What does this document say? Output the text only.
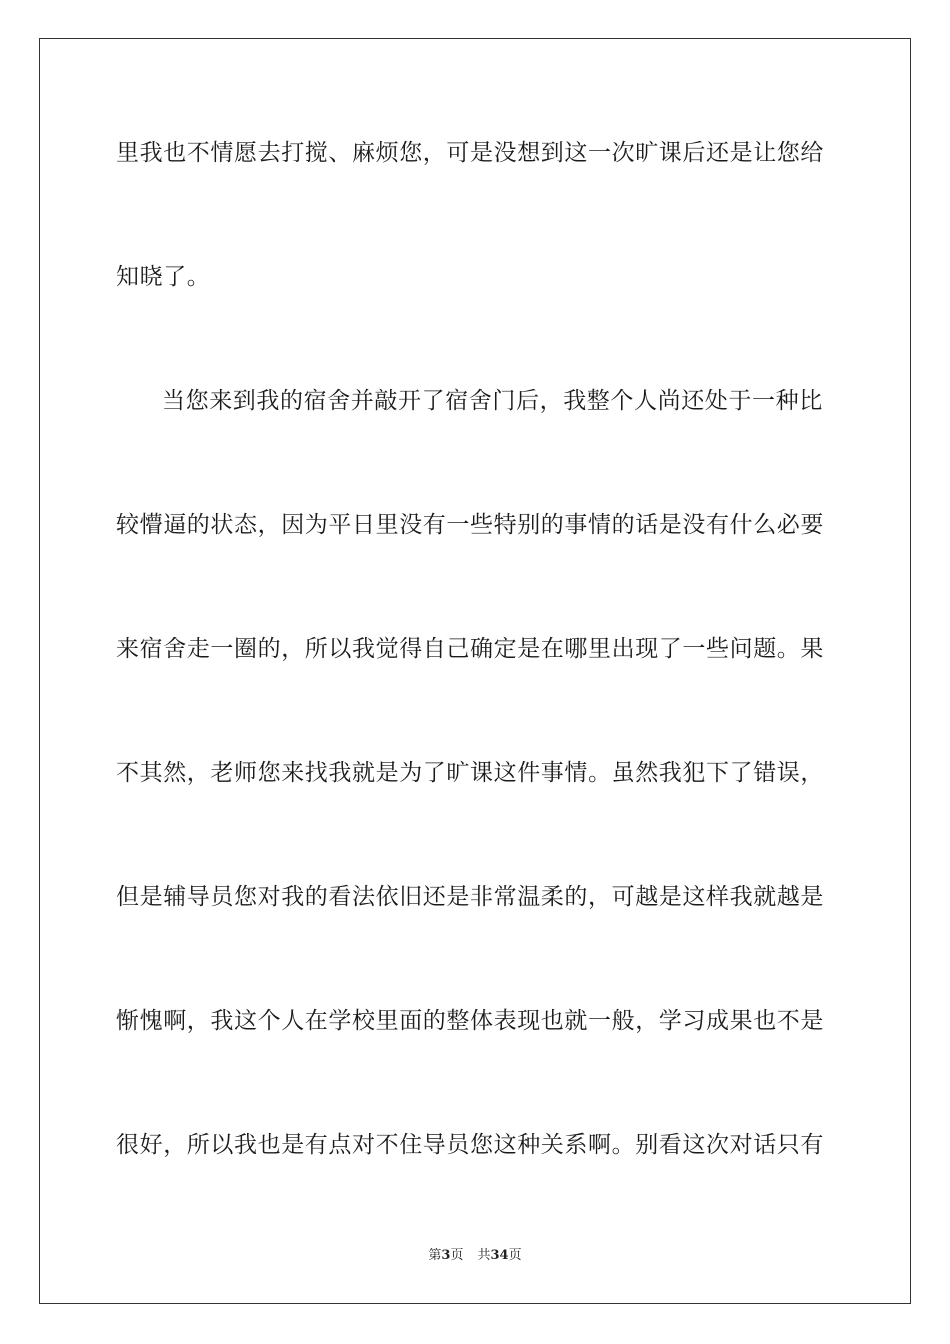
里我也不情愿去打搅、麻烦您，可是没想到这一次旷课后还是让您给
知晓了。
当您来到我的宿舍并敲开了宿舍门后，我整个人尚还处于一种比
较懵逼的状态，因为平日里没有一些特别的事情的话是没有什么必要
来宿舍走一圈的，所以我觉得自己确定是在哪里出现了一些问题。果
不其然，老师您来找我就是为了旷课这件事情。虽然我犯下了错误，
但是辅导员您对我的看法依旧还是非常温柔的，可越是这样我就越是
惭愧啊，我这个人在学校里面的整体表现也就一般，学习成果也不是
很好，所以我也是有点对不住导员您这种关系啊。别看这次对话只有
第3页 共34页
